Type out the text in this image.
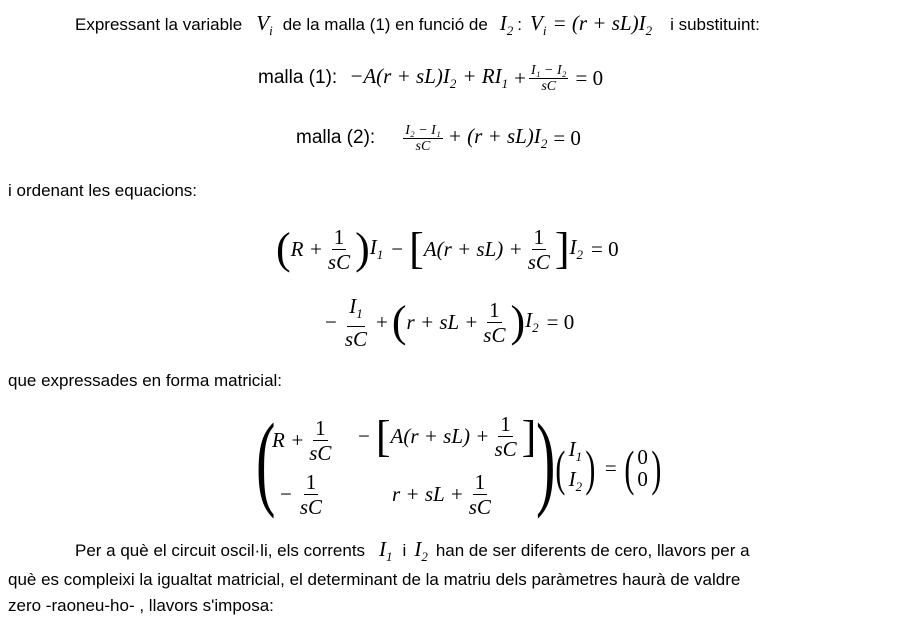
Expressant la variable $V_i$ de la malla (1) en funció de $I_2$ : $V_i = (r + sL)I_2$ i substituint:
malla (1): $-A(r + sL)I_2 + RI_1 + \frac{\text{I₁ − I₂}}{sC} = 0$
malla (2): $\frac{\text{I₂ − I₁}}{sC} + (r + sL)I_2 = 0$
i ordenant les equacions:
( $R + \frac{1}{sC}$ ) $I_1$ − [ $A(r + sL) + \frac{1}{sC}$ ] $I_2 = 0$
− $\frac{I_1}{sC}$ + ( r + sL + $\frac{1}{sC}$ ) $I_2 = 0$
que expressades en forma matricial:
(
$R + \frac{1}{sC}$ − [ $A(r + sL) + \frac{1}{sC}$ ]
− $\frac{1}{sC}$	r + sL + $\frac{1}{sC}$ ) ( $I_1$
$I_2$ ) = ( 0
0 )
Per a què el circuit oscil·li, els corrents $I_1$ i $I_2$ han de ser diferents de cero, llavors per a
què es compleixi la igualtat matricial, el determinant de la matriu dels paràmetres haurà de valdre
zero -raoneu-ho- , llavors s'imposa:
